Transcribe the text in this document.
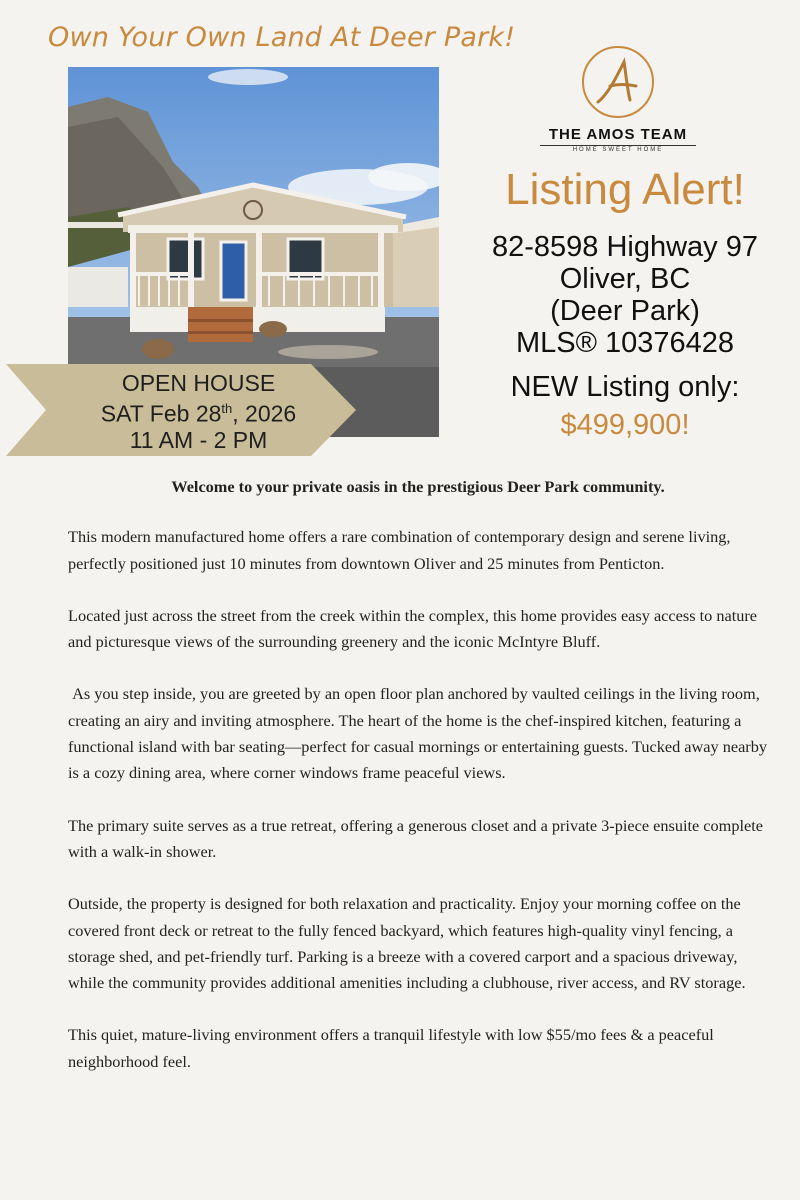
Own Your Own Land At Deer Park!
OPEN HOUSE
SAT Feb 28th, 2026
11 AM - 2 PM
THE AMOS TEAM
HOME SWEET HOME
Listing Alert!
82-8598 Highway 97
Oliver, BC
(Deer Park)
MLS® 10376428
NEW Listing only:
$499,900!

Welcome to your private oasis in the prestigious Deer Park community.

This modern manufactured home offers a rare combination of contemporary design and serene living, perfectly positioned just 10 minutes from downtown Oliver and 25 minutes from Penticton.

Located just across the street from the creek within the complex, this home provides easy access to nature and picturesque views of the surrounding greenery and the iconic McIntyre Bluff.

As you step inside, you are greeted by an open floor plan anchored by vaulted ceilings in the living room, creating an airy and inviting atmosphere. The heart of the home is the chef-inspired kitchen, featuring a functional island with bar seating—perfect for casual mornings or entertaining guests. Tucked away nearby is a cozy dining area, where corner windows frame peaceful views.

The primary suite serves as a true retreat, offering a generous closet and a private 3-piece ensuite complete with a walk-in shower.

Outside, the property is designed for both relaxation and practicality. Enjoy your morning coffee on the covered front deck or retreat to the fully fenced backyard, which features high-quality vinyl fencing, a storage shed, and pet-friendly turf. Parking is a breeze with a covered carport and a spacious driveway, while the community provides additional amenities including a clubhouse, river access, and RV storage.

This quiet, mature-living environment offers a tranquil lifestyle with low $55/mo fees & a peaceful neighborhood feel.
